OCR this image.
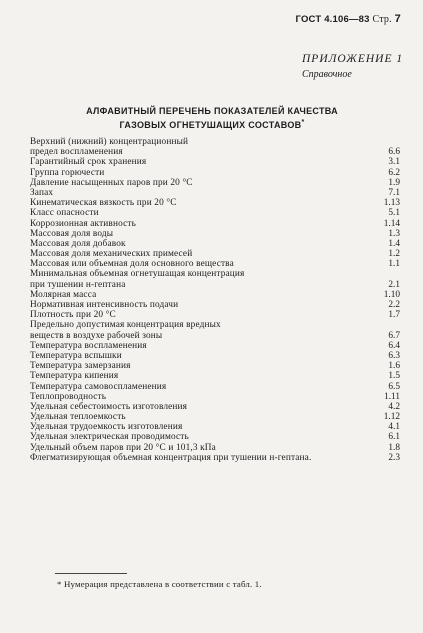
ГОСТ 4.106—83 Стр. 7
ПРИЛОЖЕНИЕ 1
Справочное
АЛФАВИТНЫЙ ПЕРЕЧЕНЬ ПОКАЗАТЕЛЕЙ КАЧЕСТВА
ГАЗОВЫХ ОГНЕТУШАЩИХ СОСТАВОВ*
Верхний (нижний) концентрационный
предел воспламенения	6.6
Гарантийный срок хранения	3.1
Группа горючести	6.2
Давление насыщенных паров при 20 °С	1.9
Запах	7.1
Кинематическая вязкость при 20 °С	1.13
Класс опасности	5.1
Коррозионная активность	1.14
Массовая доля воды	1.3
Массовая доля добавок	1.4
Массовая доля механических примесей	1.2
Массовая или объемная доля основного вещества	1.1
Минимальная объемная огнетушащая концентрация
при тушении н-гептана	2.1
Молярная масса	1.10
Нормативная интенсивность подачи	2.2
Плотность при 20 °С	1.7
Предельно допустимая концентрация вредных
веществ в воздухе рабочей зоны	6.7
Температура воспламенения	6.4
Температура вспышки	6.3
Температура замерзания	1.6
Температура кипения	1.5
Температура самовоспламенения	6.5
Теплопроводность	1.11
Удельная себестоимость изготовления	4.2
Удельная теплоемкость	1.12
Удельная трудоемкость изготовления	4.1
Удельная электрическая проводимость	6.1
Удельный объем паров при 20 °С и 101,3 кПа	1.8
Флегматизирующая объемная концентрация при тушении н-гептана.	2.3
* Нумерация представлена в соответствии с табл. 1.
